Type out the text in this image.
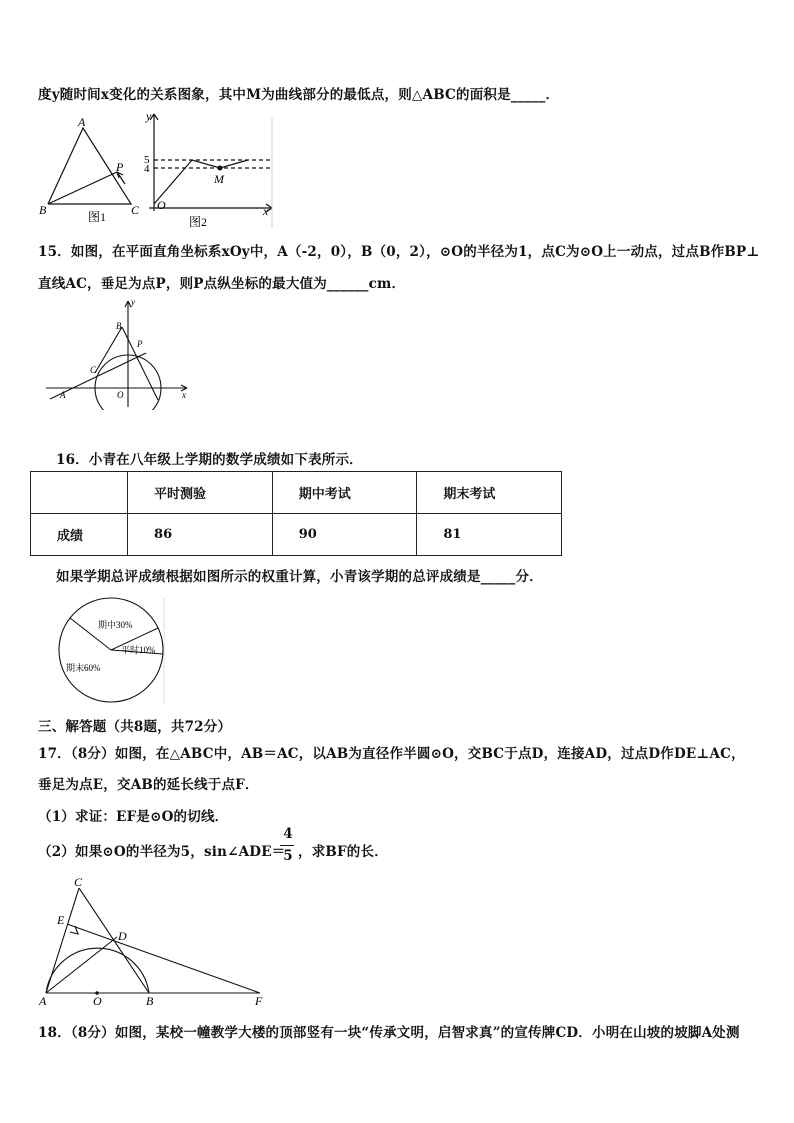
度y随时间x变化的关系图象，其中M为曲线部分的最低点，则△ABC的面积是_____．
15．如图，在平面直角坐标系xOy中，A（-2，0），B（0，2），⊙O的半径为1，点C为⊙O上一动点，过点B作BP⊥
直线AC，垂足为点P，则P点纵坐标的最大值为______cm．
16．小青在八年级上学期的数学成绩如下表所示．
如果学期总评成绩根据如图所示的权重计算，小青该学期的总评成绩是_____分．
三、解答题（共8题，共72分）
17．（8分）如图，在△ABC中，AB＝AC，以AB为直径作半圆⊙O，交BC于点D，连接AD，过点D作DE⊥AC，
垂足为点E，交AB的延长线于点F．
（1）求证：EF是⊙O的切线．
（2）如果⊙O的半径为5，sin∠ADE＝
4
5 ，求BF的长．
18．（8分）如图，某校一幢教学大楼的顶部竖有一块“传承文明，启智求真”的宣传牌CD．小明在山坡的坡脚A处测
A
B	C
P
图1
y
x
O
M
5
4
图2
y
x
A
B
C
O
P
	平时测验	期中考试	期末考试
成绩	86	90	81
期中30%
平时10%
期末60%
C
E
D
A	O	B	F
